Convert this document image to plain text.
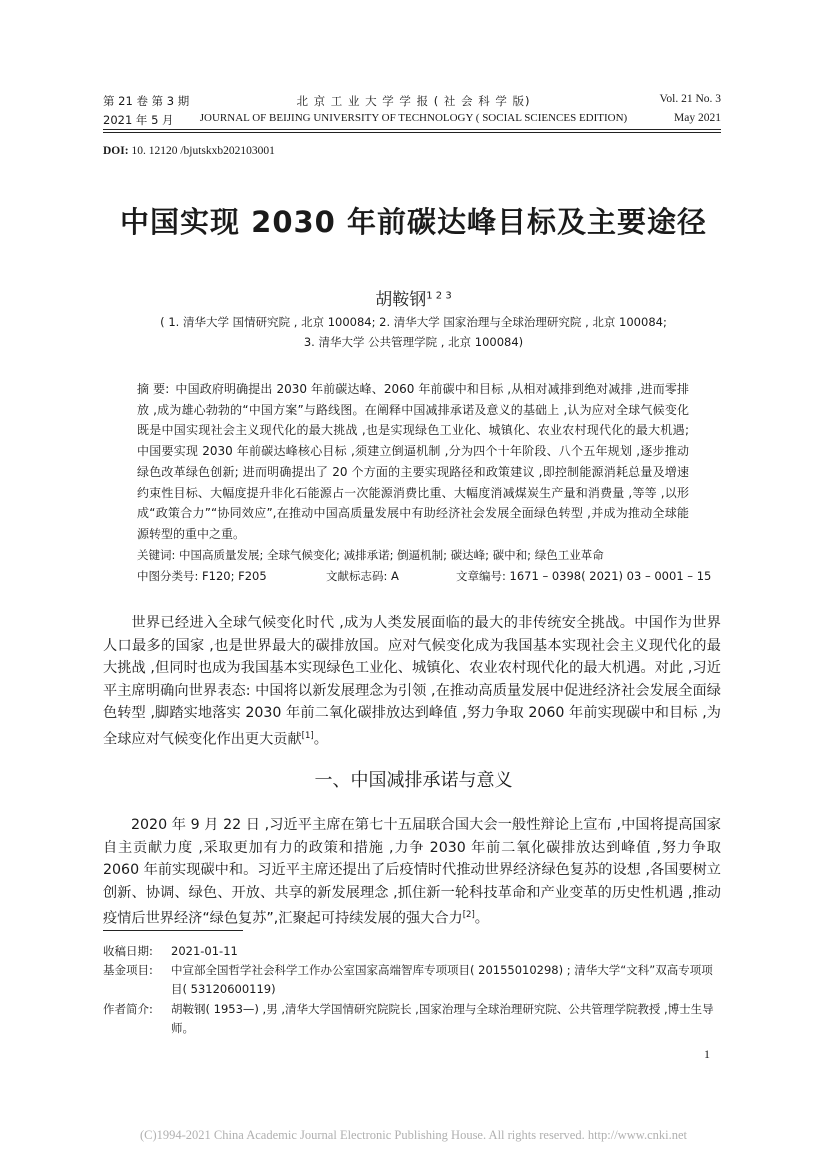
第 21 卷 第 3 期
2021 年 5 月
北 京 工 业 大 学 学 报 ( 社 会 科 学 版)
JOURNAL OF BEIJING UNIVERSITY OF TECHNOLOGY ( SOCIAL SCIENCES EDITION)
Vol. 21 No. 3
May 2021
DOI: 10. 12120 /bjutskxb202103001
中国实现 2030 年前碳达峰目标及主要途径
胡鞍钢$^{1 2 3}$
( 1. 清华大学 国情研究院 , 北京 100084; 2. 清华大学 国家治理与全球治理研究院 , 北京 100084;
3. 清华大学 公共管理学院 , 北京 100084)
摘 要: 中国政府明确提出 2030 年前碳达峰、2060 年前碳中和目标 ,从相对减排到绝对减排 ,进而零排放 ,成为雄心勃勃的“中国方案”与路线图。在阐释中国减排承诺及意义的基础上 ,认为应对全球气候变化既是中国实现社会主义现代化的最大挑战 ,也是实现绿色工业化、城镇化、农业农村现代化的最大机遇; 中国要实现 2030 年前碳达峰核心目标 ,须建立倒逼机制 ,分为四个十年阶段、八个五年规划 ,逐步推动绿色改革绿色创新; 进而明确提出了 20 个方面的主要实现路径和政策建议 ,即控制能源消耗总量及增速约束性目标、大幅度提升非化石能源占一次能源消费比重、大幅度消减煤炭生产量和消费量 ,等等 ,以形成“政策合力”“协同效应”,在推动中国高质量发展中有助经济社会发展全面绿色转型 ,并成为推动全球能源转型的重中之重。
关键词: 中国高质量发展; 全球气候变化; 减排承诺; 倒逼机制; 碳达峰; 碳中和; 绿色工业革命
中图分类号: F120; F205	文献标志码: A	文章编号: 1671 – 0398( 2021) 03 – 0001 – 15
世界已经进入全球气候变化时代 ,成为人类发展面临的最大的非传统安全挑战。中国作为世界人口最多的国家 ,也是世界最大的碳排放国。应对气候变化成为我国基本实现社会主义现代化的最大挑战 ,但同时也成为我国基本实现绿色工业化、城镇化、农业农村现代化的最大机遇。对此 ,习近平主席明确向世界表态: 中国将以新发展理念为引领 ,在推动高质量发展中促进经济社会发展全面绿色转型 ,脚踏实地落实 2030 年前二氧化碳排放达到峰值 ,努力争取 2060 年前实现碳中和目标 ,为全球应对气候变化作出更大贡献[1]。
一、中国减排承诺与意义
2020 年 9 月 22 日 ,习近平主席在第七十五届联合国大会一般性辩论上宣布 ,中国将提高国家自主贡献力度 ,采取更加有力的政策和措施 ,力争 2030 年前二氧化碳排放达到峰值 ,努力争取 2060 年前实现碳中和。习近平主席还提出了后疫情时代推动世界经济绿色复苏的设想 ,各国要树立创新、协调、绿色、开放、共享的新发展理念 ,抓住新一轮科技革命和产业变革的历史性机遇 ,推动疫情后世界经济“绿色复苏”,汇聚起可持续发展的强大合力[2]。
收稿日期: 2021-01-11
基金项目: 中宣部全国哲学社会科学工作办公室国家高端智库专项项目( 20155010298) ; 清华大学“文科”双高专项项目( 53120600119)
作者简介: 胡鞍钢( 1953—) ,男 ,清华大学国情研究院院长 ,国家治理与全球治理研究院、公共管理学院教授 ,博士生导师。
1
(C)1994-2021 China Academic Journal Electronic Publishing House. All rights reserved. http://www.cnki.net
